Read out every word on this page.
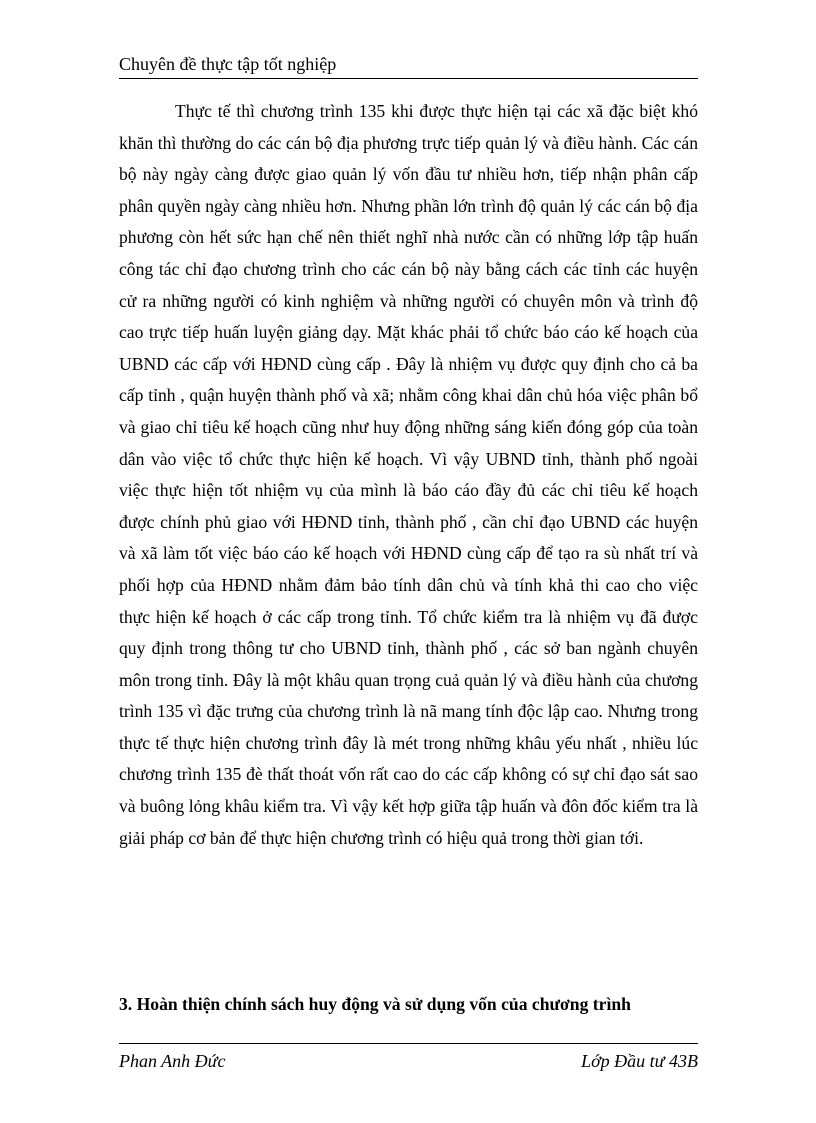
Chuyên đề thực tập tốt nghiệp

Thực tế thì chương trình 135 khi được thực hiện tại các xã đặc biệt khó khăn thì thường do các cán bộ địa phương trực tiếp quản lý và điều hành. Các cán bộ này ngày càng được giao quản lý vốn đầu tư nhiều hơn, tiếp nhận phân cấp phân quyền ngày càng nhiều hơn. Nhưng phần lớn trình độ quản lý các cán bộ địa phương còn hết sức hạn chế nên thiết nghĩ nhà nước cần có những lớp tập huấn công tác chỉ đạo chương trình cho các cán bộ này bằng cách các tỉnh các huyện cử ra những người có kinh nghiệm và những người có chuyên môn và trình độ cao trực tiếp huấn luyện giảng dạy. Mặt khác phải tổ chức báo cáo kế hoạch của UBND các cấp với HĐND cùng cấp . Đây là nhiệm vụ được quy định cho cả ba cấp tỉnh , quận huyện thành phố và xã; nhằm công khai dân chủ hóa việc phân bổ và giao chỉ tiêu kế hoạch cũng như huy động những sáng kiến đóng góp của toàn dân vào việc tổ chức thực hiện kế hoạch. Vì vậy UBND tỉnh, thành phố ngoài việc thực hiện tốt nhiệm vụ của mình là báo cáo đầy đủ các chỉ tiêu kế hoạch được chính phủ giao với HĐND tỉnh, thành phố , cần chỉ đạo UBND các huyện và xã làm tốt việc báo cáo kế hoạch với HĐND cùng cấp để tạo ra sù nhất trí và phối hợp của HĐND nhằm đảm bảo tính dân chủ và tính khả thi cao cho việc thực hiện kế hoạch ở các cấp trong tỉnh. Tổ chức kiểm tra là nhiệm vụ đã được quy định trong thông tư cho UBND tỉnh, thành phố , các sở ban ngành chuyên môn trong tỉnh. Đây là một khâu quan trọng cuả quản lý và điều hành của chương trình 135 vì đặc trưng của chương trình là nã mang tính độc lập cao. Nhưng trong thực tế thực hiện chương trình đây là mét trong những khâu yếu nhất , nhiều lúc chương trình 135 đè thất thoát vốn rất cao do các cấp không có sự chỉ đạo sát sao và buông lỏng khâu kiểm tra. Vì vậy kết hợp giữa tập huấn và đôn đốc kiểm tra là giải pháp cơ bản để thực hiện chương trình có hiệu quả trong thời gian tới.

3. Hoàn thiện chính sách huy động và sử dụng vốn của chương trình
Phan Anh Đức	Lớp Đầu tư 43B
